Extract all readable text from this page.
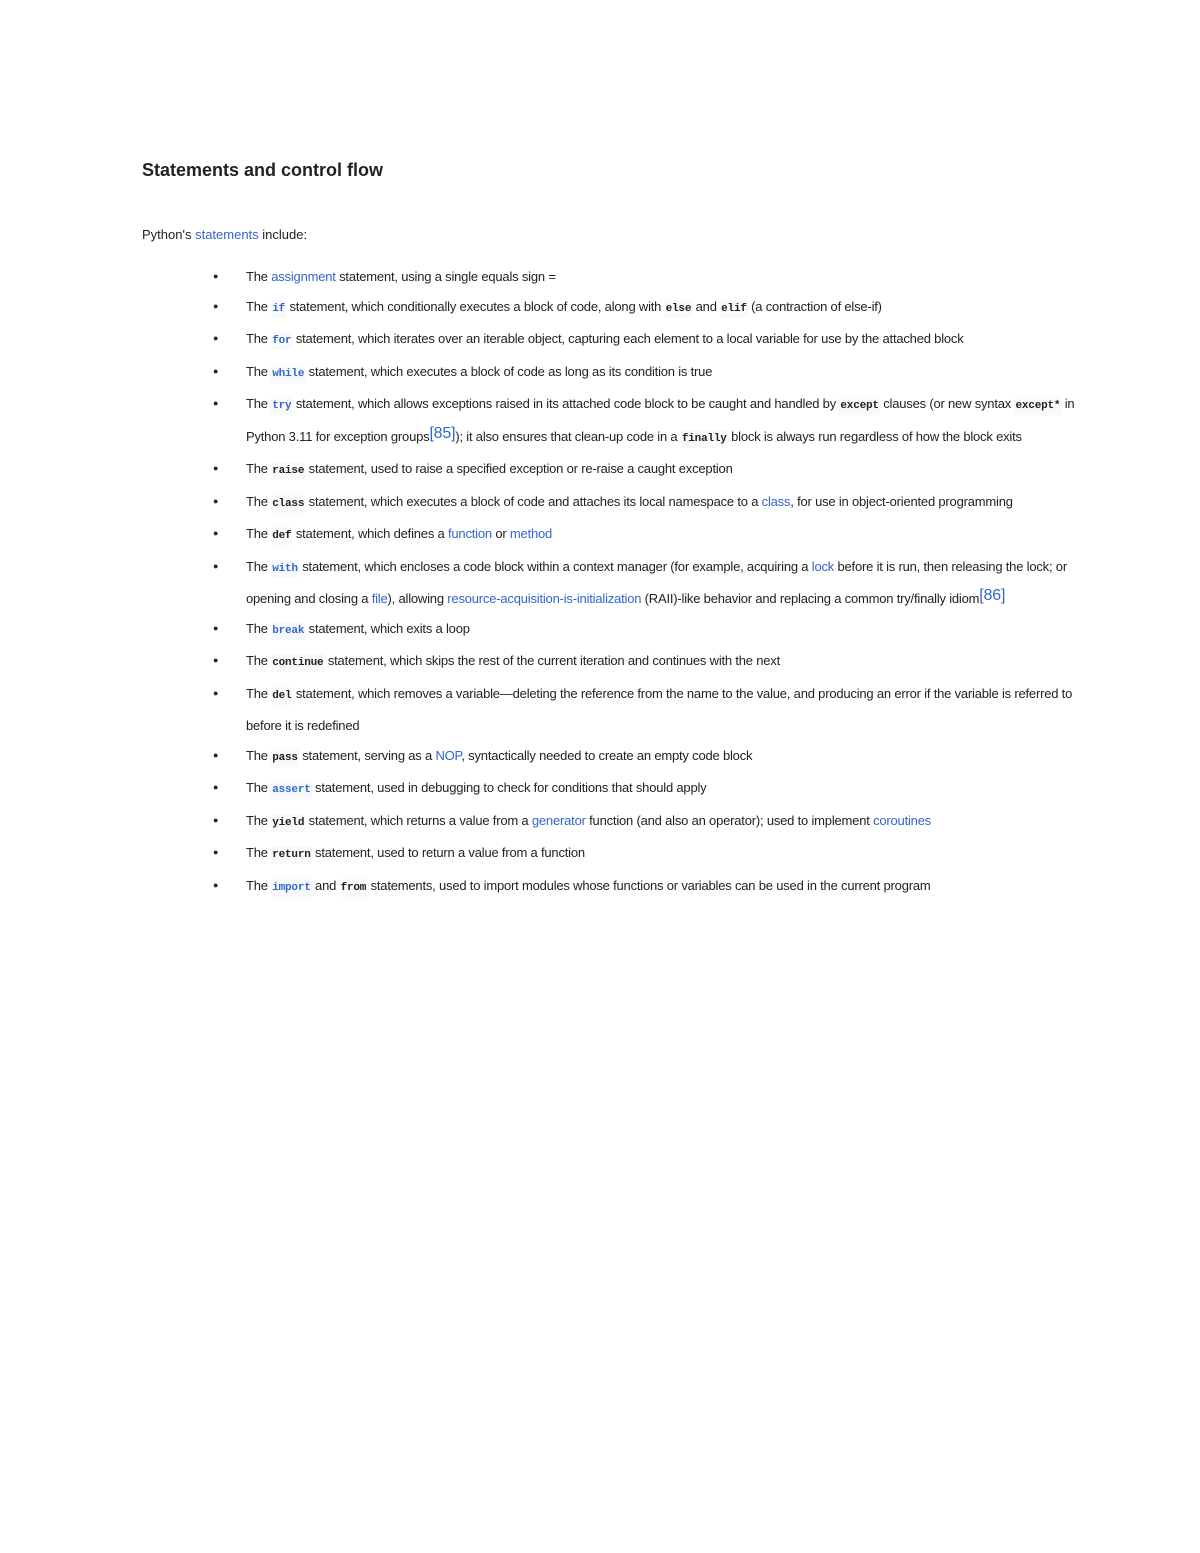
Statements and control flow

Python's statements include:

● The assignment statement, using a single equals sign =
● The if statement, which conditionally executes a block of code, along with else and elif (a contraction of else-if)
● The for statement, which iterates over an iterable object, capturing each element to a local variable for use by the attached block
● The while statement, which executes a block of code as long as its condition is true
● The try statement, which allows exceptions raised in its attached code block to be caught and handled by except clauses (or new syntax except* in Python 3.11 for exception groups[85]); it also ensures that clean-up code in a finally block is always run regardless of how the block exits
● The raise statement, used to raise a specified exception or re-raise a caught exception
● The class statement, which executes a block of code and attaches its local namespace to a class, for use in object-oriented programming
● The def statement, which defines a function or method
● The with statement, which encloses a code block within a context manager (for example, acquiring a lock before it is run, then releasing the lock; or opening and closing a file), allowing resource-acquisition-is-initialization (RAII)-like behavior and replacing a common try/finally idiom[86]
● The break statement, which exits a loop
● The continue statement, which skips the rest of the current iteration and continues with the next
● The del statement, which removes a variable—deleting the reference from the name to the value, and producing an error if the variable is referred to before it is redefined
● The pass statement, serving as a NOP, syntactically needed to create an empty code block
● The assert statement, used in debugging to check for conditions that should apply
● The yield statement, which returns a value from a generator function (and also an operator); used to implement coroutines
● The return statement, used to return a value from a function
● The import and from statements, used to import modules whose functions or variables can be used in the current program
